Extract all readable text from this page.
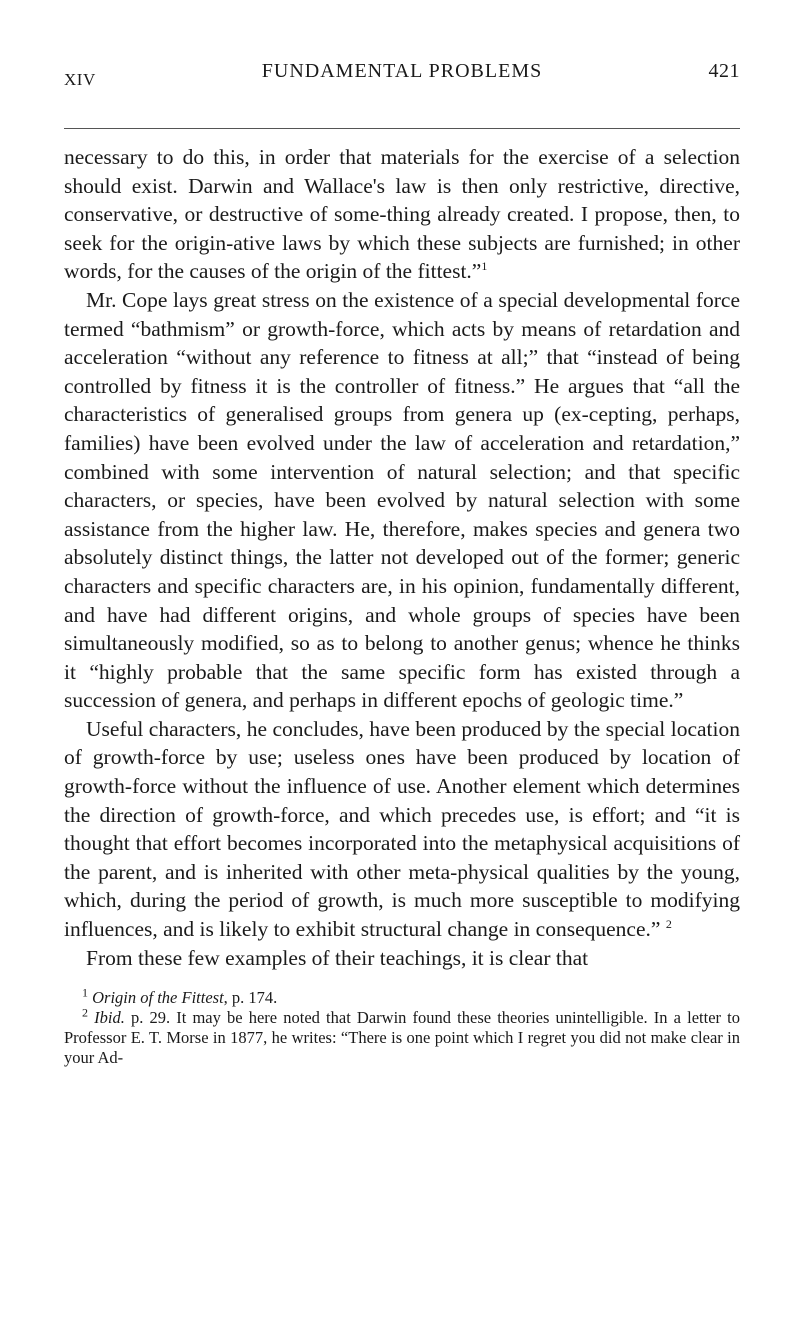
XIV	FUNDAMENTAL PROBLEMS	421

necessary to do this, in order that materials for the exercise of a selection should exist. Darwin and Wallace's law is then only restrictive, directive, conservative, or destructive of some-thing already created. I propose, then, to seek for the origin-ative laws by which these subjects are furnished; in other words, for the causes of the origin of the fittest.”$^1$

Mr. Cope lays great stress on the existence of a special developmental force termed “bathmism” or growth-force, which acts by means of retardation and acceleration “without any reference to fitness at all;” that “instead of being controlled by fitness it is the controller of fitness.” He argues that “all the characteristics of generalised groups from genera up (ex-cepting, perhaps, families) have been evolved under the law of acceleration and retardation,” combined with some intervention of natural selection; and that specific characters, or species, have been evolved by natural selection with some assistance from the higher law. He, therefore, makes species and genera two absolutely distinct things, the latter not developed out of the former; generic characters and specific characters are, in his opinion, fundamentally different, and have had different origins, and whole groups of species have been simultaneously modified, so as to belong to another genus; whence he thinks it “highly probable that the same specific form has existed through a succession of genera, and perhaps in different epochs of geologic time.”

Useful characters, he concludes, have been produced by the special location of growth-force by use; useless ones have been produced by location of growth-force without the influence of use. Another element which determines the direction of growth-force, and which precedes use, is effort; and “it is thought that effort becomes incorporated into the metaphysical acquisitions of the parent, and is inherited with other meta-physical qualities by the young, which, during the period of growth, is much more susceptible to modifying influences, and is likely to exhibit structural change in consequence.” $^2$

From these few examples of their teachings, it is clear that

$^1$ Origin of the Fittest, p. 174.

$^2$ Ibid. p. 29. It may be here noted that Darwin found these theories unintelligible. In a letter to Professor E. T. Morse in 1877, he writes: “There is one point which I regret you did not make clear in your Ad-
